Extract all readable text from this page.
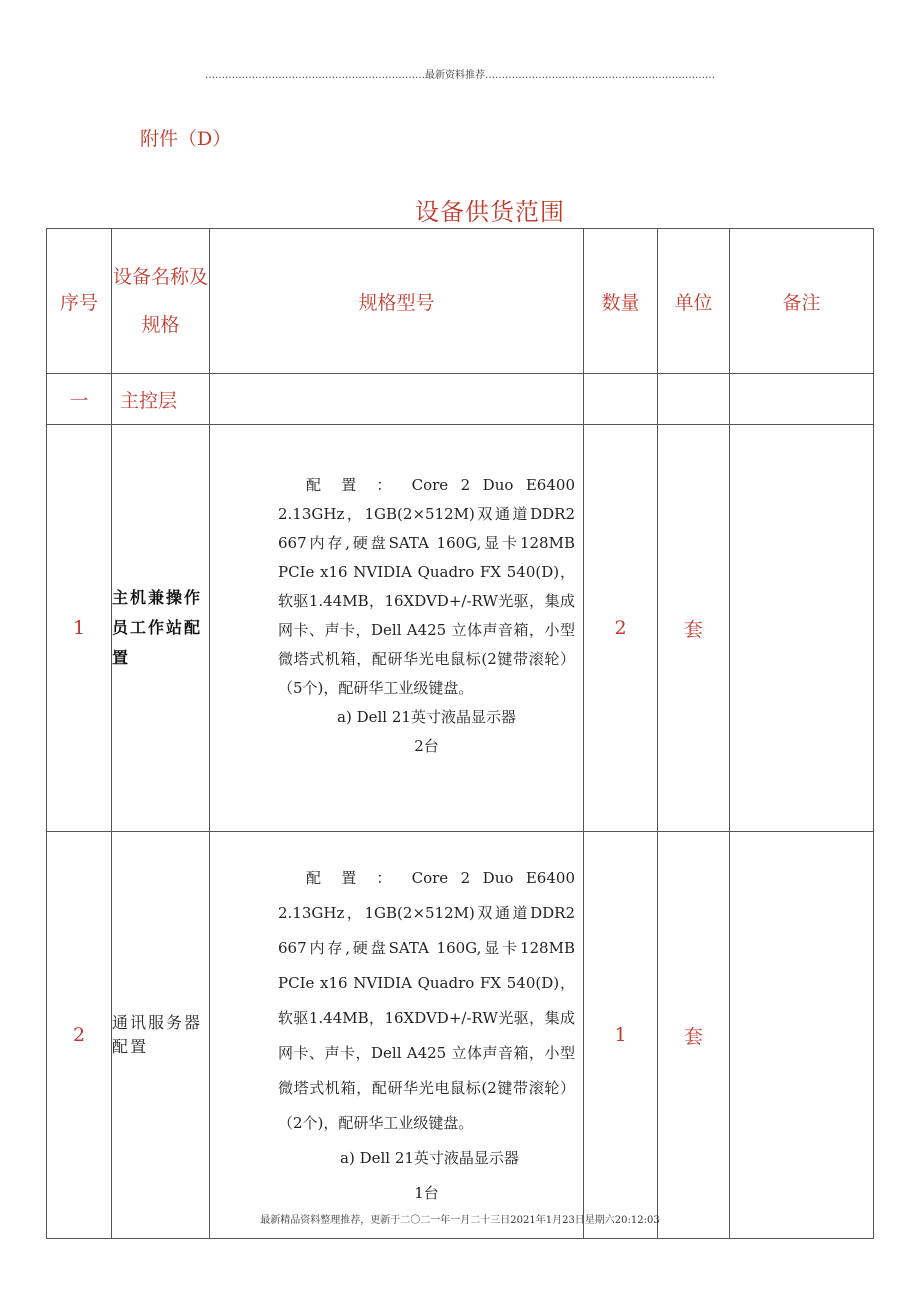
…………………………………………………………最新资料推荐……………………………………………………………
附件（D）
设备供货范围
序号	设备名称及规格	规格型号	数量	单位	备注
一	主控层				
1	主机兼操作员工作站配置	配 置 ： Core 2 Duo E6400 2.13GHz，1GB(2×512M)双通道DDR2 667内存,硬盘SATA 160G,显卡128MB PCIe x16 NVIDIA Quadro FX 540(D)，软驱1.44MB，16XDVD+/-RW光驱，集成网卡、声卡，Dell A425 立体声音箱，小型微塔式机箱，配研华光电鼠标(2键带滚轮）（5个)，配研华工业级键盘。
a) Dell 21英寸液晶显示器
2台	2	套	
2	通讯服务器配置	配 置 ： Core 2 Duo E6400 2.13GHz，1GB(2×512M)双通道DDR2 667内存,硬盘SATA 160G,显卡128MB PCIe x16 NVIDIA Quadro FX 540(D)，软驱1.44MB，16XDVD+/-RW光驱，集成网卡、声卡，Dell A425 立体声音箱，小型微塔式机箱，配研华光电鼠标(2键带滚轮）（2个)，配研华工业级键盘。
a) Dell 21英寸液晶显示器
1台	1	套	
最新精品资料整理推荐，更新于二〇二一年一月二十三日2021年1月23日星期六20:12:03
